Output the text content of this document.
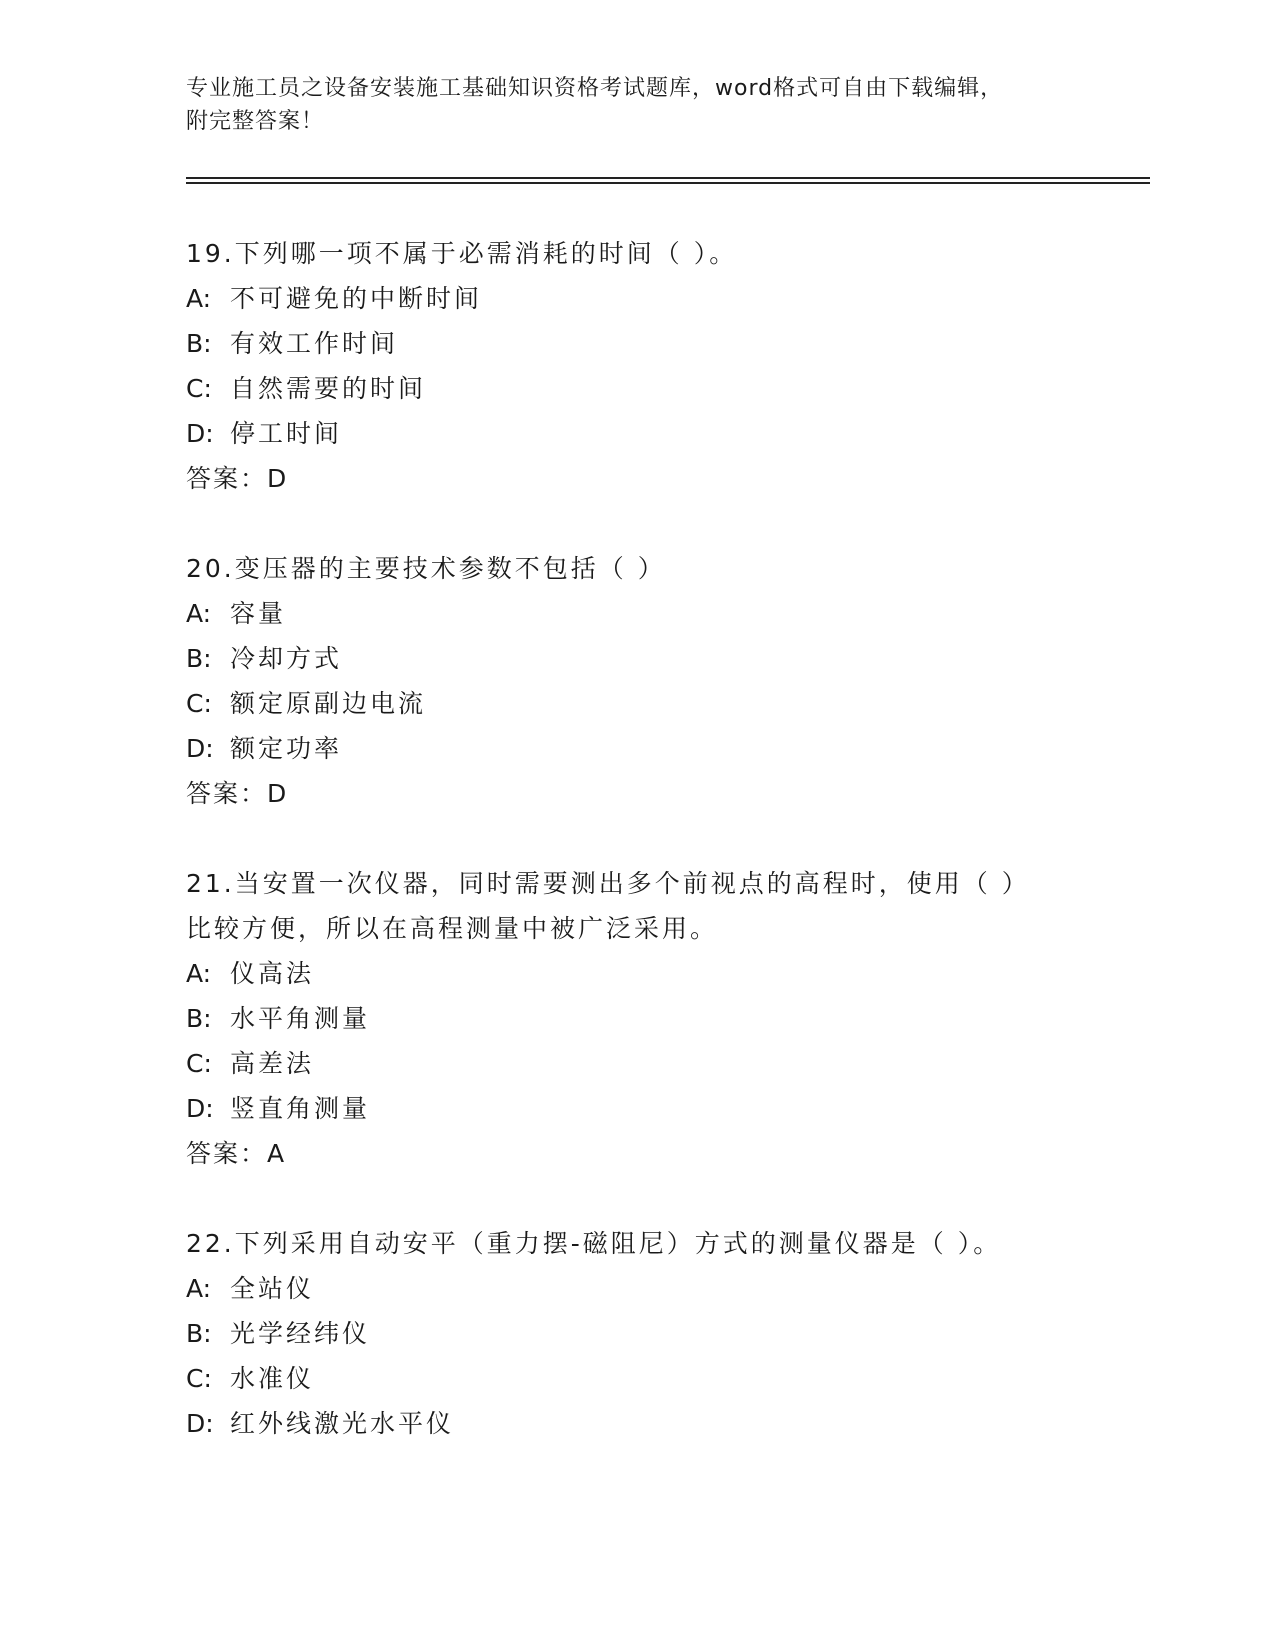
专业施工员之设备安装施工基础知识资格考试题库，word格式可自由下载编辑，
附完整答案！

19.下列哪一项不属于必需消耗的时间（ ）。

A: 不可避免的中断时间

B: 有效工作时间

C: 自然需要的时间

D: 停工时间

答案：D

20.变压器的主要技术参数不包括（ ）

A: 容量

B: 冷却方式

C: 额定原副边电流

D: 额定功率

答案：D

21.当安置一次仪器，同时需要测出多个前视点的高程时，使用（ ）

比较方便，所以在高程测量中被广泛采用。

A: 仪高法

B: 水平角测量

C: 高差法

D: 竖直角测量

答案：A

22.下列采用自动安平（重力摆-磁阻尼）方式的测量仪器是（ ）。

A: 全站仪

B: 光学经纬仪

C: 水准仪

D: 红外线激光水平仪
